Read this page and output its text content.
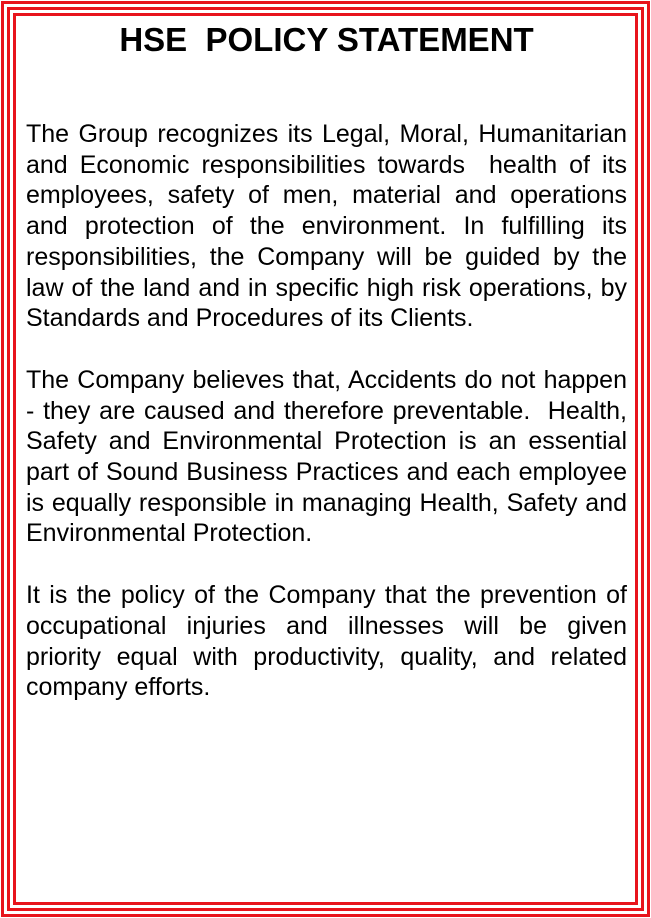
HSE  POLICY STATEMENT

The Group recognizes its Legal, Moral, Humanitarian and Economic responsibilities towards  health of its employees, safety of men, material and operations and protection of the environment. In fulfilling its responsibilities, the Company will be guided by the law of the land and in specific high risk operations, by Standards and Procedures of its Clients.

The Company believes that, Accidents do not happen - they are caused and therefore preventable.  Health, Safety and Environmental Protection is an essential part of Sound Business Practices and each employee is equally responsible in managing Health, Safety and Environmental Protection.

It is the policy of the Company that the prevention of occupational injuries and illnesses will be given priority equal with productivity, quality, and related company efforts.
